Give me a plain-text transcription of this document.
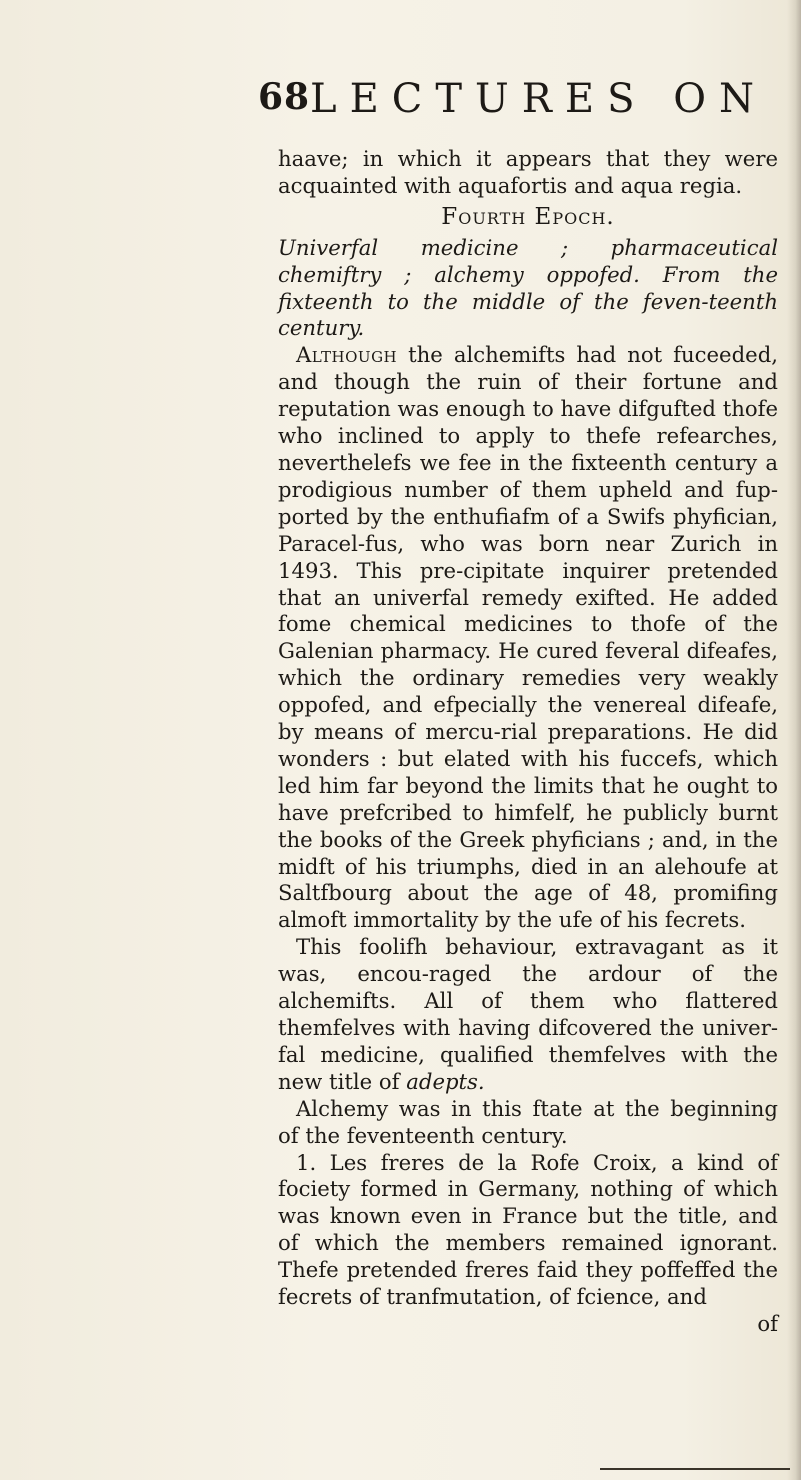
68 LECTURES ON

haave; in which it appears that they were acquainted with aquafortis and aqua regia.

Fourth Epoch.

Univerfal medicine ; pharmaceutical chemiftry ; alchemy oppofed. From the fixteenth to the middle of the feven-teenth century.

Although the alchemifts had not fuceeded, and though the ruin of their fortune and reputation was enough to have difgufted thofe who inclined to apply to thefe refearches, neverthelefs we fee in the fixteenth century a prodigious number of them upheld and fup-ported by the enthufiafm of a Swifs phyfician, Paracel-fus, who was born near Zurich in 1493. This pre-cipitate inquirer pretended that an univerfal remedy exifted. He added fome chemical medicines to thofe of the Galenian pharmacy. He cured feveral difeafes, which the ordinary remedies very weakly oppofed, and efpecially the venereal difeafe, by means of mercu-rial preparations. He did wonders : but elated with his fuccefs, which led him far beyond the limits that he ought to have prefcribed to himfelf, he publicly burnt the books of the Greek phyficians ; and, in the midft of his triumphs, died in an alehoufe at Saltfbourg about the age of 48, promifing almoft immortality by the ufe of his fecrets.

This foolifh behaviour, extravagant as it was, encou-raged the ardour of the alchemifts. All of them who flattered themfelves with having difcovered the univer-fal medicine, qualified themfelves with the new title of adepts.

Alchemy was in this ftate at the beginning of the feventeenth century.

1. Les freres de la Rofe Croix, a kind of fociety formed in Germany, nothing of which was known even in France but the title, and of which the members remained ignorant. Thefe pretended freres faid they poffeffed the fecrets of tranfmutation, of fcience, and

of
